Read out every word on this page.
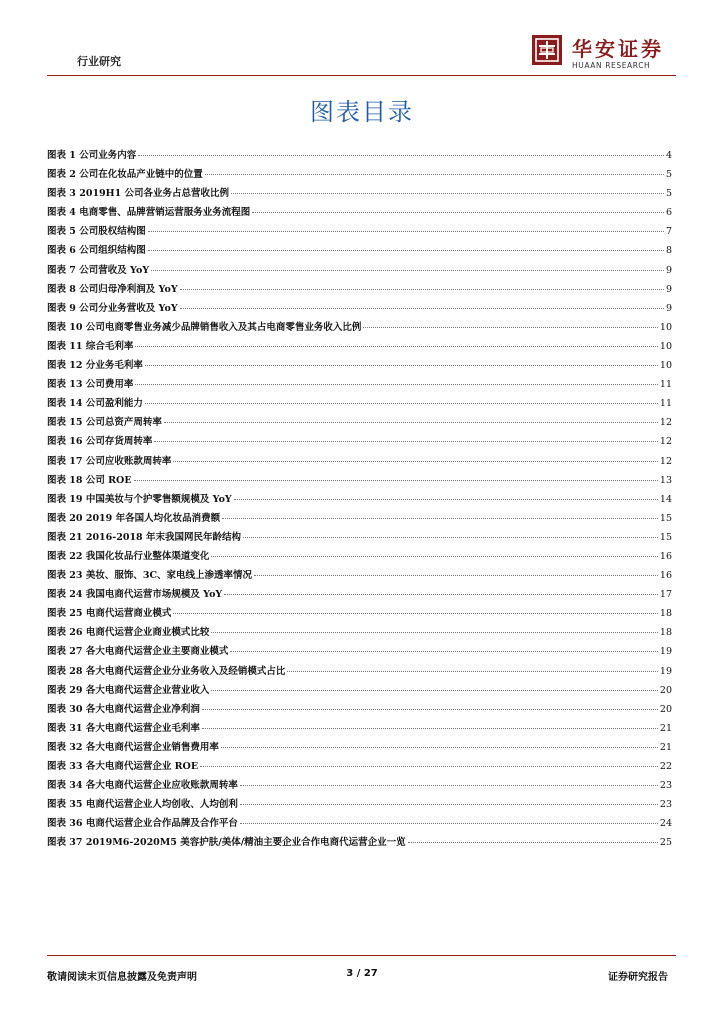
行业研究
华安证券
HUAAN RESEARCH
图表目录
图表 1 公司业务内容	4
图表 2 公司在化妆品产业链中的位置	5
图表 3 2019H1 公司各业务占总营收比例	5
图表 4 电商零售、品牌营销运营服务业务流程图	6
图表 5 公司股权结构图	7
图表 6 公司组织结构图	8
图表 7 公司营收及 YoY	9
图表 8 公司归母净利润及 YoY	9
图表 9 公司分业务营收及 YoY	9
图表 10 公司电商零售业务减少品牌销售收入及其占电商零售业务收入比例	10
图表 11 综合毛利率	10
图表 12 分业务毛利率	10
图表 13 公司费用率	11
图表 14 公司盈利能力	11
图表 15 公司总资产周转率	12
图表 16 公司存货周转率	12
图表 17 公司应收账款周转率	12
图表 18 公司 ROE	13
图表 19 中国美妆与个护零售额规模及 YoY	14
图表 20 2019 年各国人均化妆品消费额	15
图表 21 2016-2018 年末我国网民年龄结构	15
图表 22 我国化妆品行业整体渠道变化	16
图表 23 美妆、服饰、3C、家电线上渗透率情况	16
图表 24 我国电商代运营市场规模及 YoY	17
图表 25 电商代运营商业模式	18
图表 26 电商代运营企业商业模式比较	18
图表 27 各大电商代运营企业主要商业模式	19
图表 28 各大电商代运营企业分业务收入及经销模式占比	19
图表 29 各大电商代运营企业营业收入	20
图表 30 各大电商代运营企业净利润	20
图表 31 各大电商代运营企业毛利率	21
图表 32 各大电商代运营企业销售费用率	21
图表 33 各大电商代运营企业 ROE	22
图表 34 各大电商代运营企业应收账款周转率	23
图表 35 电商代运营企业人均创收、人均创利	23
图表 36 电商代运营企业合作品牌及合作平台	24
图表 37 2019M6-2020M5 美容护肤/美体/精油主要企业合作电商代运营企业一览	25
敬请阅读末页信息披露及免责声明	3 / 27	证券研究报告
